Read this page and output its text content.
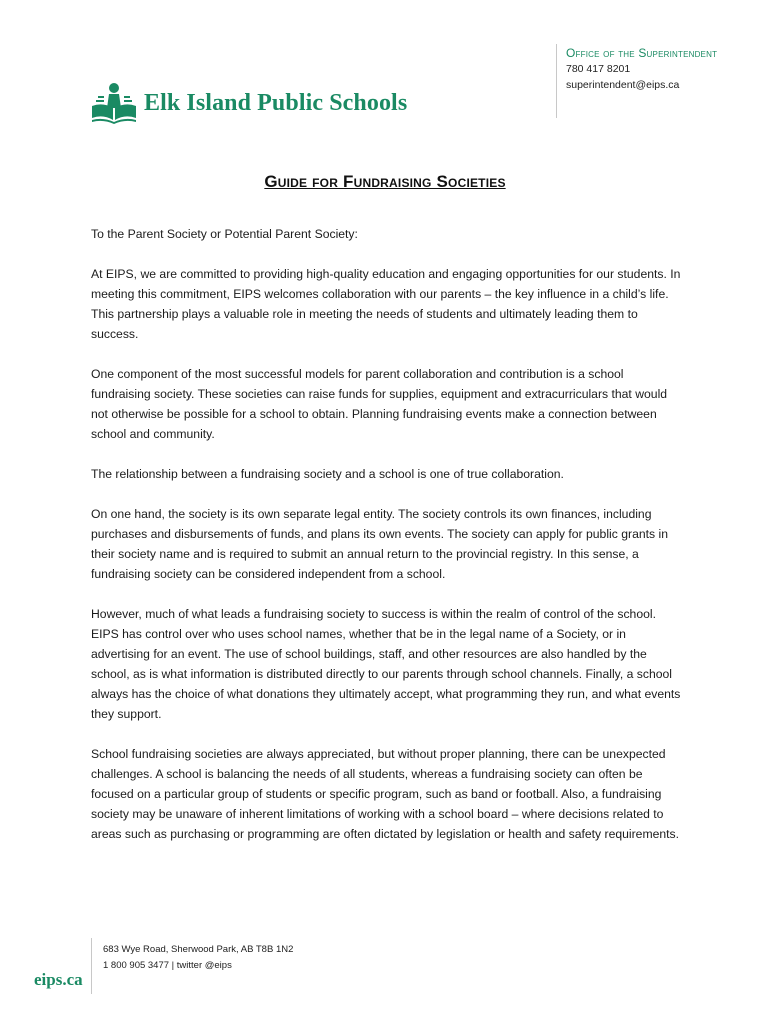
Elk Island Public Schools
Office of the Superintendent
780 417 8201
superintendent@eips.ca
Guide for Fundraising Societies

To the Parent Society or Potential Parent Society:

At EIPS, we are committed to providing high-quality education and engaging opportunities for our students. In meeting this commitment, EIPS welcomes collaboration with our parents – the key influence in a child’s life. This partnership plays a valuable role in meeting the needs of students and ultimately leading them to success.

One component of the most successful models for parent collaboration and contribution is a school fundraising society. These societies can raise funds for supplies, equipment and extracurriculars that would not otherwise be possible for a school to obtain. Planning fundraising events make a connection between school and community.

The relationship between a fundraising society and a school is one of true collaboration.

On one hand, the society is its own separate legal entity. The society controls its own finances, including purchases and disbursements of funds, and plans its own events. The society can apply for public grants in their society name and is required to submit an annual return to the provincial registry. In this sense, a fundraising society can be considered independent from a school.

However, much of what leads a fundraising society to success is within the realm of control of the school. EIPS has control over who uses school names, whether that be in the legal name of a Society, or in advertising for an event. The use of school buildings, staff, and other resources are also handled by the school, as is what information is distributed directly to our parents through school channels. Finally, a school always has the choice of what donations they ultimately accept, what programming they run, and what events they support.

School fundraising societies are always appreciated, but without proper planning, there can be unexpected challenges. A school is balancing the needs of all students, whereas a fundraising society can often be focused on a particular group of students or specific program, such as band or football. Also, a fundraising society may be unaware of inherent limitations of working with a school board – where decisions related to areas such as purchasing or programming are often dictated by legislation or health and safety requirements.

683 Wye Road, Sherwood Park, AB T8B 1N2
1 800 905 3477 | twitter @eips
eips.ca
